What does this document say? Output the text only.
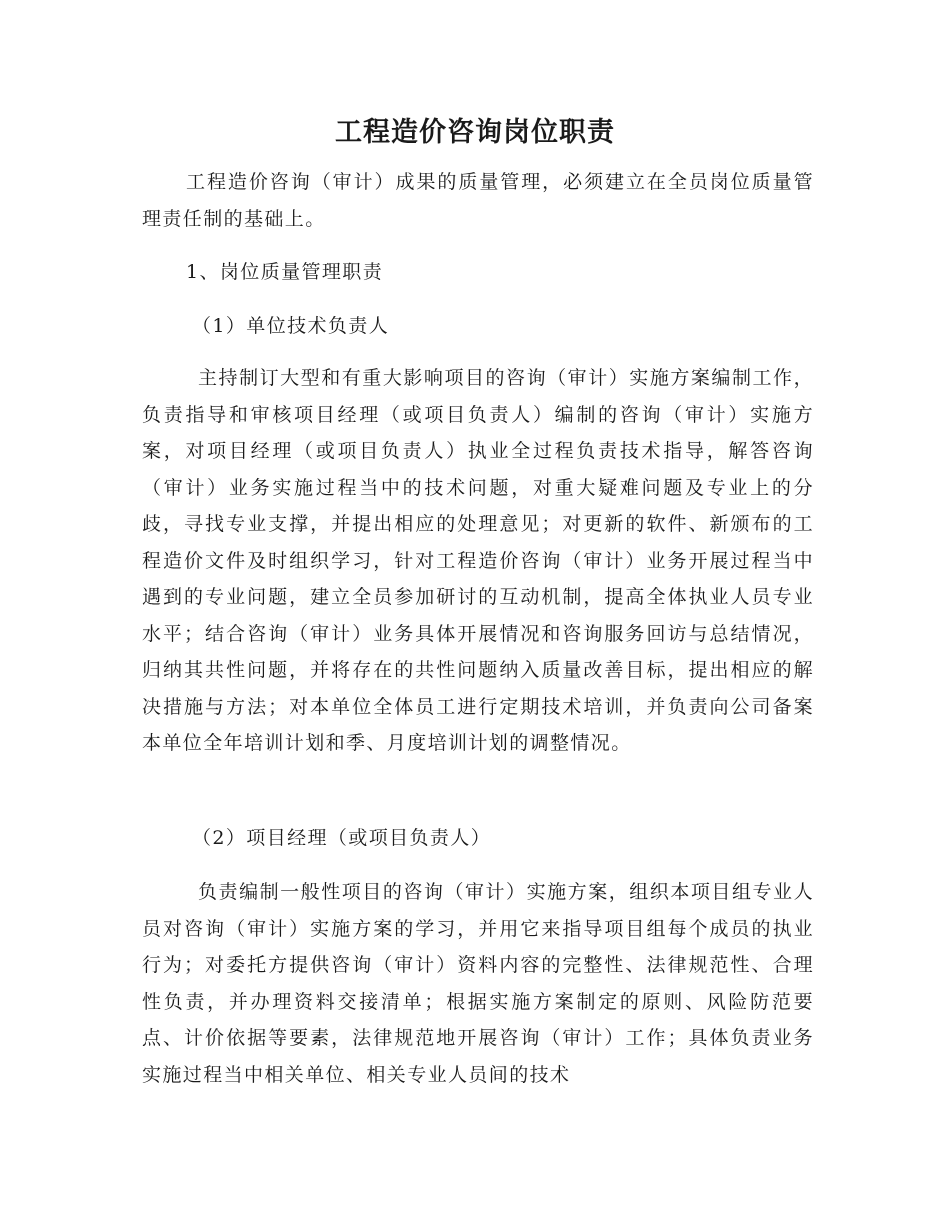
工程造价咨询岗位职责

工程造价咨询（审计）成果的质量管理，必须建立在全员岗位质量管理责任制的基础上。

1、岗位质量管理职责

（1）单位技术负责人

主持制订大型和有重大影响项目的咨询（审计）实施方案编制工作，负责指导和审核项目经理（或项目负责人）编制的咨询（审计）实施方案，对项目经理（或项目负责人）执业全过程负责技术指导，解答咨询（审计）业务实施过程当中的技术问题，对重大疑难问题及专业上的分歧，寻找专业支撑，并提出相应的处理意见；对更新的软件、新颁布的工程造价文件及时组织学习，针对工程造价咨询（审计）业务开展过程当中遇到的专业问题，建立全员参加研讨的互动机制，提高全体执业人员专业水平；结合咨询（审计）业务具体开展情况和咨询服务回访与总结情况，归纳其共性问题，并将存在的共性问题纳入质量改善目标，提出相应的解决措施与方法；对本单位全体员工进行定期技术培训，并负责向公司备案本单位全年培训计划和季、月度培训计划的调整情况。

（2）项目经理（或项目负责人）

负责编制一般性项目的咨询（审计）实施方案，组织本项目组专业人员对咨询（审计）实施方案的学习，并用它来指导项目组每个成员的执业行为；对委托方提供咨询（审计）资料内容的完整性、法律规范性、合理性负责，并办理资料交接清单；根据实施方案制定的原则、风险防范要点、计价依据等要素，法律规范地开展咨询（审计）工作；具体负责业务实施过程当中相关单位、相关专业人员间的技术
